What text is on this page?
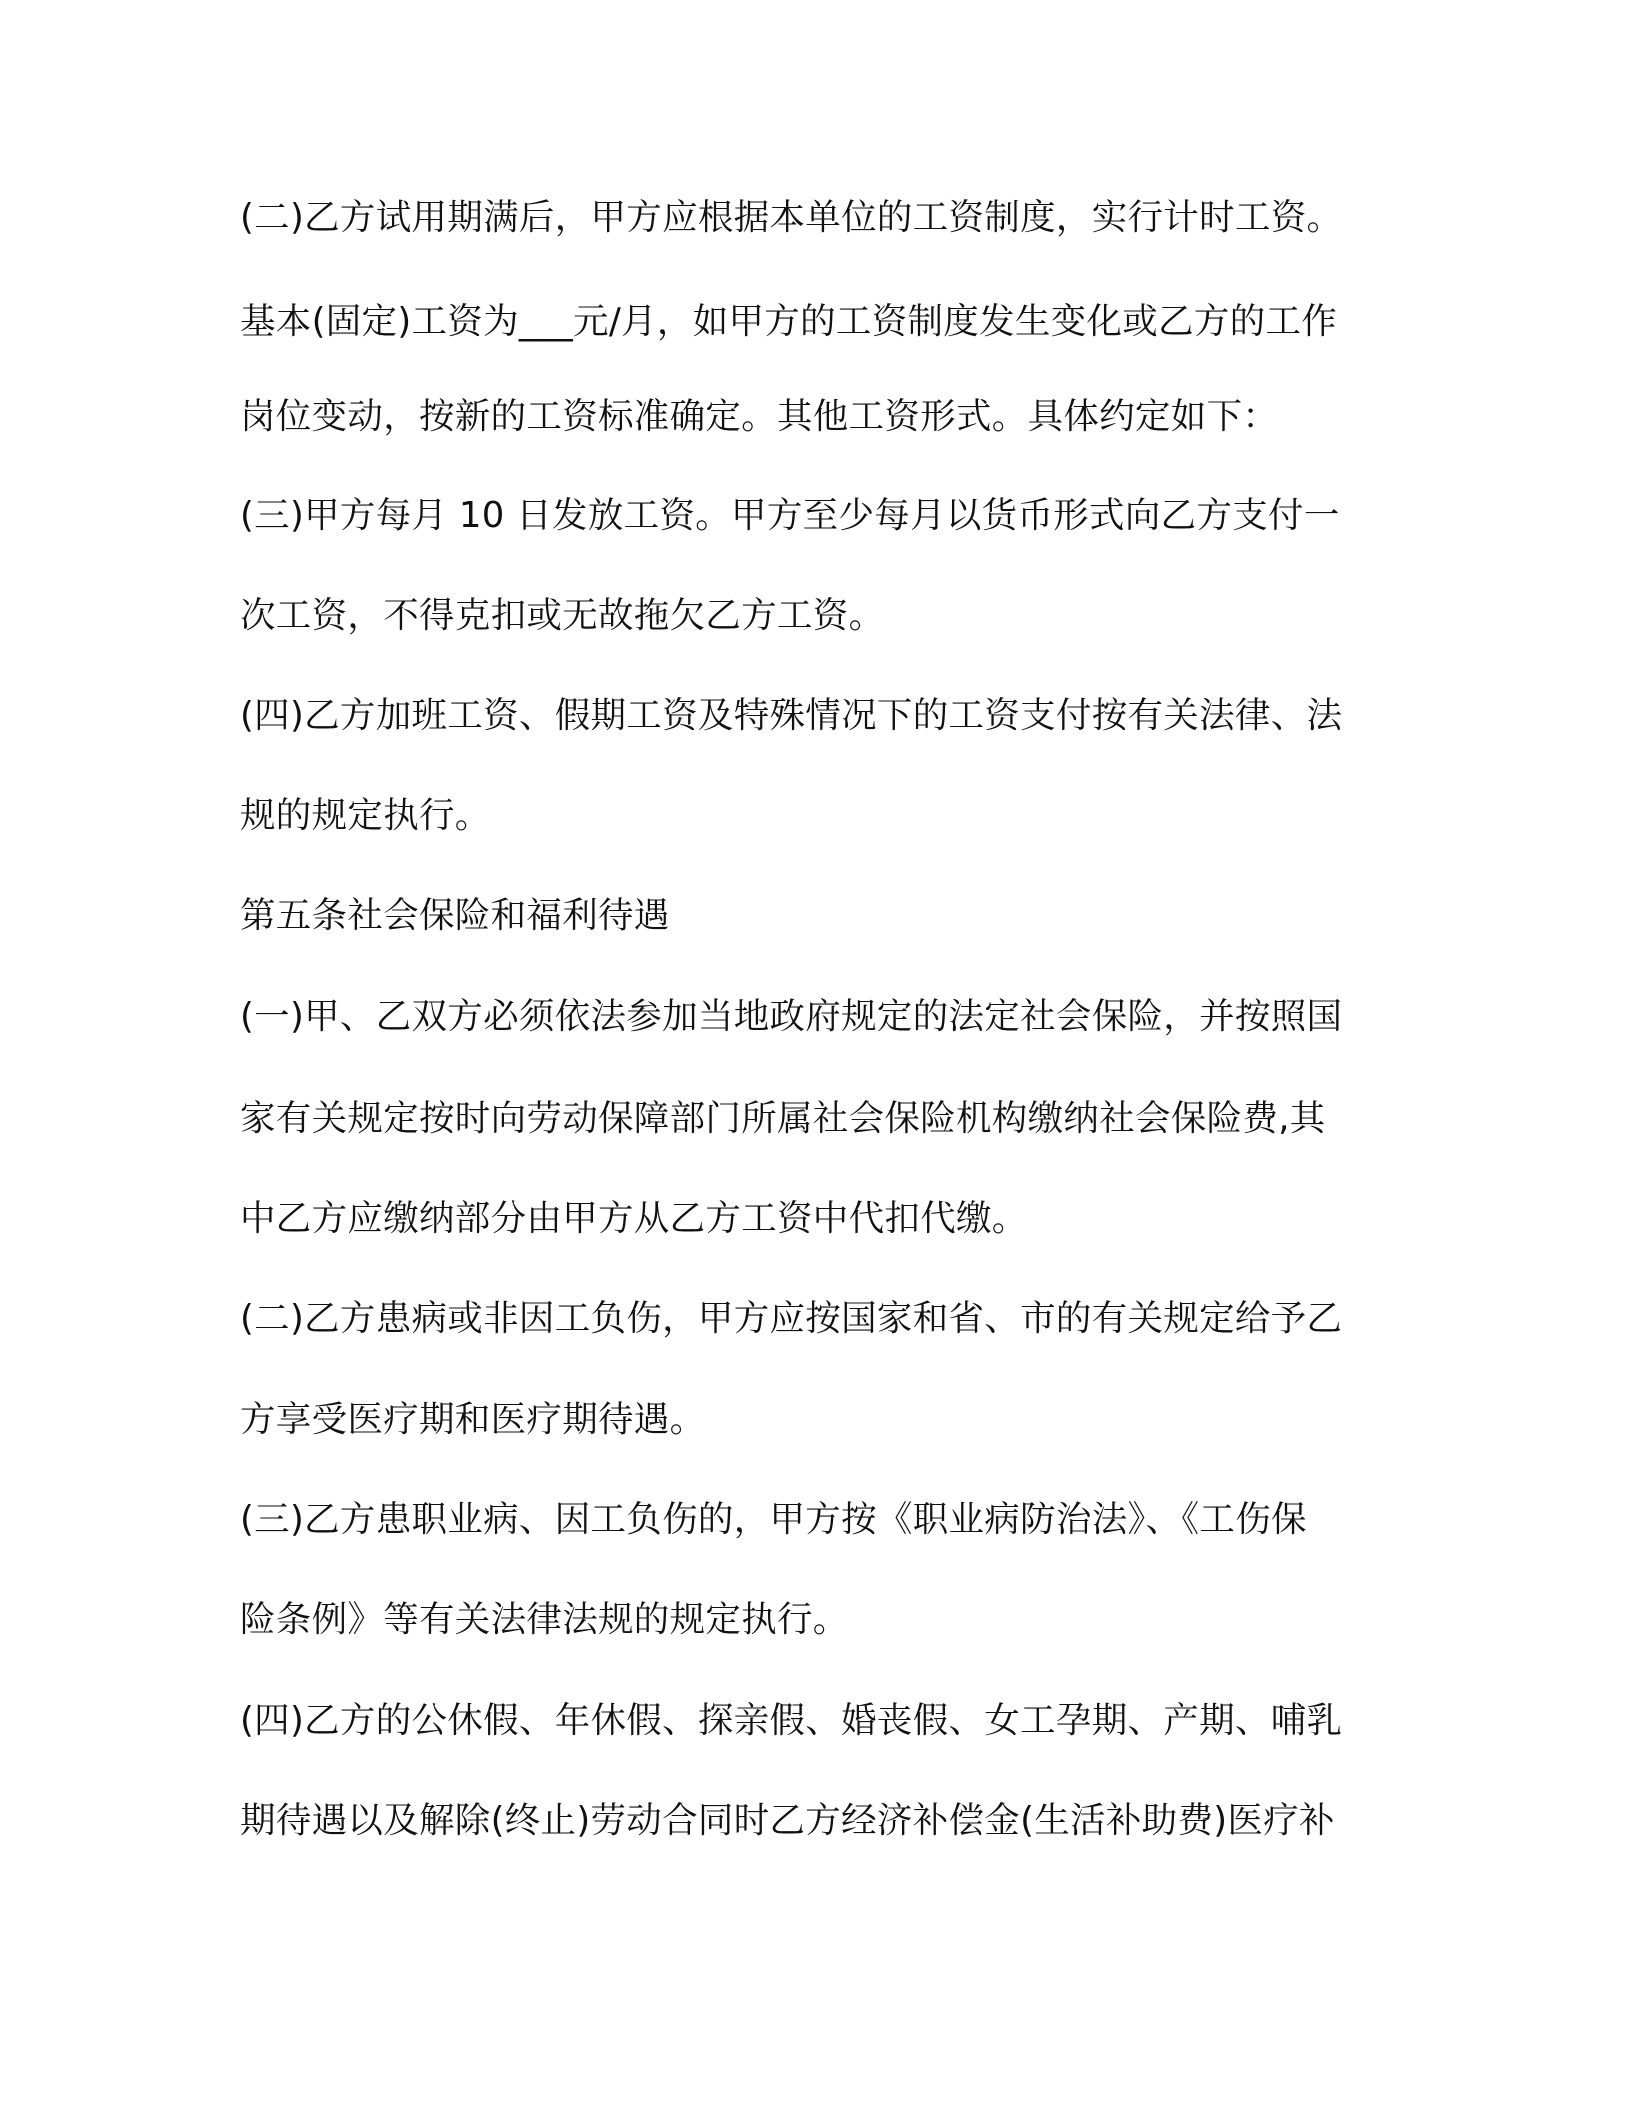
(二)乙方试用期满后，甲方应根据本单位的工资制度，实行计时工资。

基本(固定)工资为___元/月，如甲方的工资制度发生变化或乙方的工作

岗位变动，按新的工资标准确定。其他工资形式。具体约定如下：

(三)甲方每月 10 日发放工资。甲方至少每月以货币形式向乙方支付一

次工资，不得克扣或无故拖欠乙方工资。

(四)乙方加班工资、假期工资及特殊情况下的工资支付按有关法律、法

规的规定执行。

第五条社会保险和福利待遇

(一)甲、乙双方必须依法参加当地政府规定的法定社会保险，并按照国

家有关规定按时向劳动保障部门所属社会保险机构缴纳社会保险费,其

中乙方应缴纳部分由甲方从乙方工资中代扣代缴。

(二)乙方患病或非因工负伤，甲方应按国家和省、市的有关规定给予乙

方享受医疗期和医疗期待遇。

(三)乙方患职业病、因工负伤的，甲方按《职业病防治法》、《工伤保

险条例》等有关法律法规的规定执行。

(四)乙方的公休假、年休假、探亲假、婚丧假、女工孕期、产期、哺乳

期待遇以及解除(终止)劳动合同时乙方经济补偿金(生活补助费)医疗补
